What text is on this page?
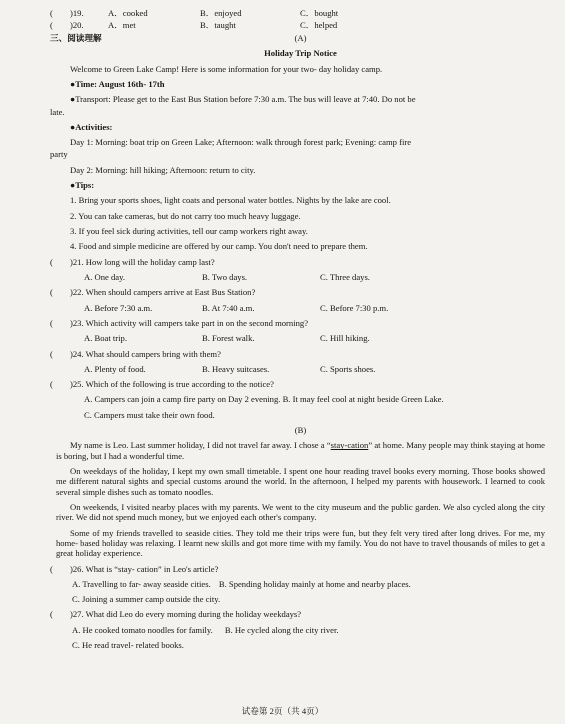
(	)19.	A．cooked	B．enjoyed	C．bought
(	)20.	A．met	B．taught	C．helped
三、阅读理解	(A)
Holiday Trip Notice
Welcome to Green Lake Camp! Here is some information for your two- day holiday camp.
●Time: August 16th- 17th
●Transport: Please get to the East Bus Station before 7:30 a.m. The bus will leave at 7:40. Do not be
late.
●Activities:
Day 1: Morning: boat trip on Green Lake; Afternoon: walk through forest park; Evening: camp fire
party
Day 2: Morning: hill hiking; Afternoon: return to city.
●Tips:
1. Bring your sports shoes, light coats and personal water bottles. Nights by the lake are cool.
2. You can take cameras, but do not carry too much heavy luggage.
3. If you feel sick during activities, tell our camp workers right away.
4. Food and simple medicine are offered by our camp. You don't need to prepare them.
(	)21. How long will the holiday camp last?
A. One day.	B. Two days.	C. Three days.
(	)22. When should campers arrive at East Bus Station?
A. Before 7:30 a.m.	B. At 7:40 a.m.	C. Before 7:30 p.m.
(	)23. Which activity will campers take part in on the second morning?
A. Boat trip.	B. Forest walk.	C. Hill hiking.
(	)24. What should campers bring with them?
A. Plenty of food.	B. Heavy suitcases.	C. Sports shoes.
(	)25. Which of the following is true according to the notice?
A. Campers can join a camp fire party on Day 2 evening. B. It may feel cool at night beside Green Lake.
C. Campers must take their own food.
(B)
My name is Leo. Last summer holiday, I did not travel far away. I chose a “stay-cation” at home. Many people may think staying at home is boring, but I had a wonderful time.
On weekdays of the holiday, I kept my own small timetable. I spent one hour reading travel books every morning. Those books showed me different natural sights and special customs around the world. In the afternoon, I helped my parents with housework. I learned to cook several simple dishes such as tomato noodles.
On weekends, I visited nearby places with my parents. We went to the city museum and the public garden. We also cycled along the city river. We did not spend much money, but we enjoyed each other's company.
Some of my friends travelled to seaside cities. They told me their trips were fun, but they felt very tired after long drives. For me, my home- based holiday was relaxing. I learnt new skills and got more time with my family. You do not have to travel thousands of miles to get a great holiday experience.
(	)26. What is “stay- cation” in Leo's article?
A. Travelling to far- away seaside cities. B. Spending holiday mainly at home and nearby places.
C. Joining a summer camp outside the city.
(	)27. What did Leo do every morning during the holiday weekdays?
A. He cooked tomato noodles for family. B. He cycled along the city river.
C. He read travel- related books.
试卷第 2页（共 4页）
